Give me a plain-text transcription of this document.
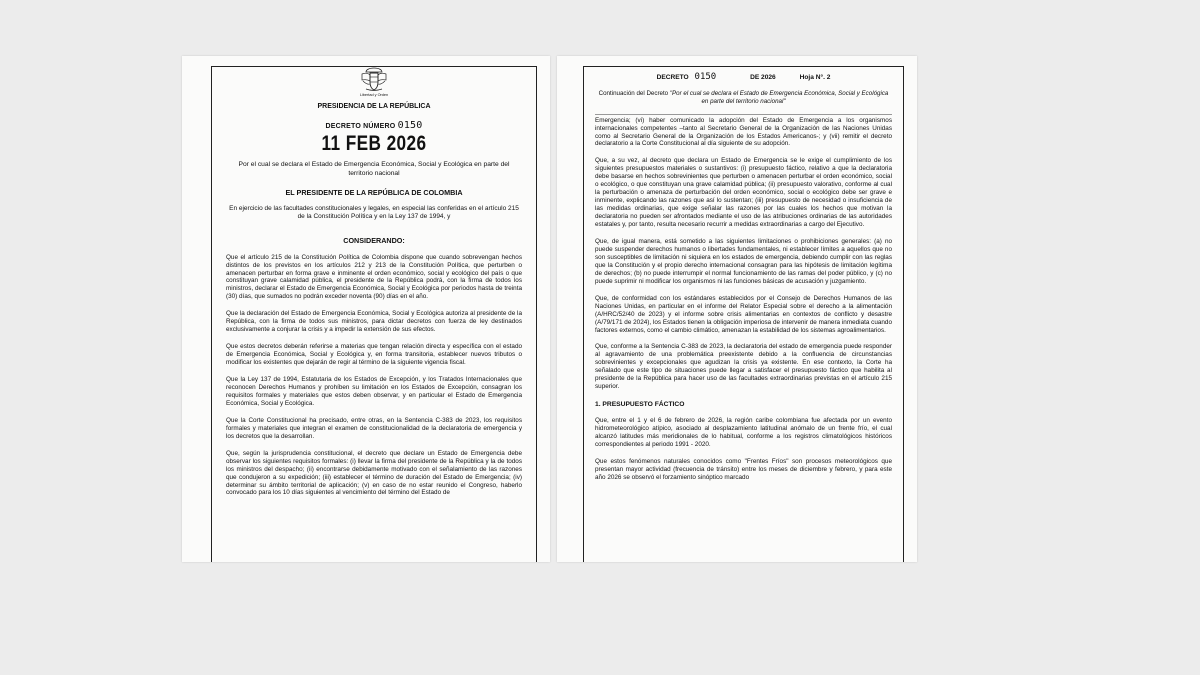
Libertad y Orden
PRESIDENCIA DE LA REPÚBLICA
DECRETO NÚMERO 0150
11 FEB 2026
Por el cual se declara el Estado de Emergencia Económica, Social y Ecológica en parte del territorio nacional
EL PRESIDENTE DE LA REPÚBLICA DE COLOMBIA
En ejercicio de las facultades constitucionales y legales, en especial las conferidas en el artículo 215 de la Constitución Política y en la Ley 137 de 1994, y
CONSIDERANDO:

Que el artículo 215 de la Constitución Política de Colombia dispone que cuando sobrevengan hechos distintos de los previstos en los artículos 212 y 213 de la Constitución Política, que perturben o amenacen perturbar en forma grave e inminente el orden económico, social y ecológico del país o que constituyan grave calamidad pública, el presidente de la República podrá, con la firma de todos los ministros, declarar el Estado de Emergencia Económica, Social y Ecológica por periodos hasta de treinta (30) días, que sumados no podrán exceder noventa (90) días en el año.

Que la declaración del Estado de Emergencia Económica, Social y Ecológica autoriza al presidente de la República, con la firma de todos sus ministros, para dictar decretos con fuerza de ley destinados exclusivamente a conjurar la crisis y a impedir la extensión de sus efectos.

Que estos decretos deberán referirse a materias que tengan relación directa y específica con el estado de Emergencia Económica, Social y Ecológica y, en forma transitoria, establecer nuevos tributos o modificar los existentes que dejarán de regir al término de la siguiente vigencia fiscal.

Que la Ley 137 de 1994, Estatutaria de los Estados de Excepción, y los Tratados Internacionales que reconocen Derechos Humanos y prohíben su limitación en los Estados de Excepción, consagran los requisitos formales y materiales que estos deben observar, y en particular el Estado de Emergencia Económica, Social y Ecológica.

Que la Corte Constitucional ha precisado, entre otras, en la Sentencia C-383 de 2023, los requisitos formales y materiales que integran el examen de constitucionalidad de la declaratoria de emergencia y los decretos que la desarrollan.

Que, según la jurisprudencia constitucional, el decreto que declare un Estado de Emergencia debe observar los siguientes requisitos formales: (i) llevar la firma del presidente de la República y la de todos los ministros del despacho; (ii) encontrarse debidamente motivado con el señalamiento de las razones que condujeron a su expedición; (iii) establecer el término de duración del Estado de Emergencia; (iv) determinar su ámbito territorial de aplicación; (v) en caso de no estar reunido el Congreso, haberlo convocado para los 10 días siguientes al vencimiento del término del Estado de

DECRETO 0150	DE 2026	Hoja N°. 2
Continuación del Decreto "Por el cual se declara el Estado de Emergencia Económica, Social y Ecológica en parte del territorio nacional"

Emergencia; (vi) haber comunicado la adopción del Estado de Emergencia a los organismos internacionales competentes –tanto al Secretario General de la Organización de las Naciones Unidas como al Secretario General de la Organización de los Estados Americanos-; y (vii) remitir el decreto declaratorio a la Corte Constitucional al día siguiente de su adopción.

Que, a su vez, al decreto que declara un Estado de Emergencia se le exige el cumplimiento de los siguientes presupuestos materiales o sustantivos: (i) presupuesto fáctico, relativo a que la declaratoria debe basarse en hechos sobrevinientes que perturben o amenacen perturbar el orden económico, social o ecológico, o que constituyan una grave calamidad pública; (ii) presupuesto valorativo, conforme al cual la perturbación o amenaza de perturbación del orden económico, social o ecológico debe ser grave e inminente, explicando las razones que así lo sustentan; (iii) presupuesto de necesidad o insuficiencia de las medidas ordinarias, que exige señalar las razones por las cuales los hechos que motivan la declaratoria no pueden ser afrontados mediante el uso de las atribuciones ordinarias de las autoridades estatales y, por tanto, resulta necesario recurrir a medidas extraordinarias a cargo del Ejecutivo.

Que, de igual manera, está sometido a las siguientes limitaciones o prohibiciones generales: (a) no puede suspender derechos humanos o libertades fundamentales, ni establecer límites a aquellos que no son susceptibles de limitación ni siquiera en los estados de emergencia, debiendo cumplir con las reglas que la Constitución y el propio derecho internacional consagran para las hipótesis de limitación legítima de derechos; (b) no puede interrumpir el normal funcionamiento de las ramas del poder público, y (c) no puede suprimir ni modificar los organismos ni las funciones básicas de acusación y juzgamiento.

Que, de conformidad con los estándares establecidos por el Consejo de Derechos Humanos de las Naciones Unidas, en particular en el informe del Relator Especial sobre el derecho a la alimentación (A/HRC/52/40 de 2023) y el informe sobre crisis alimentarias en contextos de conflicto y desastre (A/79/171 de 2024), los Estados tienen la obligación imperiosa de intervenir de manera inmediata cuando factores externos, como el cambio climático, amenazan la estabilidad de los sistemas agroalimentarios.

Que, conforme a la Sentencia C-383 de 2023, la declaratoria del estado de emergencia puede responder al agravamiento de una problemática preexistente debido a la confluencia de circunstancias sobrevinientes y excepcionales que agudizan la crisis ya existente. En ese contexto, la Corte ha señalado que este tipo de situaciones puede llegar a satisfacer el presupuesto fáctico que habilita al presidente de la República para hacer uso de las facultades extraordinarias previstas en el artículo 215 superior.

1. PRESUPUESTO FÁCTICO

Que, entre el 1 y el 6 de febrero de 2026, la región caribe colombiana fue afectada por un evento hidrometeorológico atípico, asociado al desplazamiento latitudinal anómalo de un frente frío, el cual alcanzó latitudes más meridionales de lo habitual, conforme a los registros climatológicos históricos correspondientes al periodo 1991 - 2020.

Que estos fenómenos naturales conocidos como "Frentes Fríos" son procesos meteorológicos que presentan mayor actividad (frecuencia de tránsito) entre los meses de diciembre y febrero, y para este año 2026 se observó el forzamiento sinóptico marcado
